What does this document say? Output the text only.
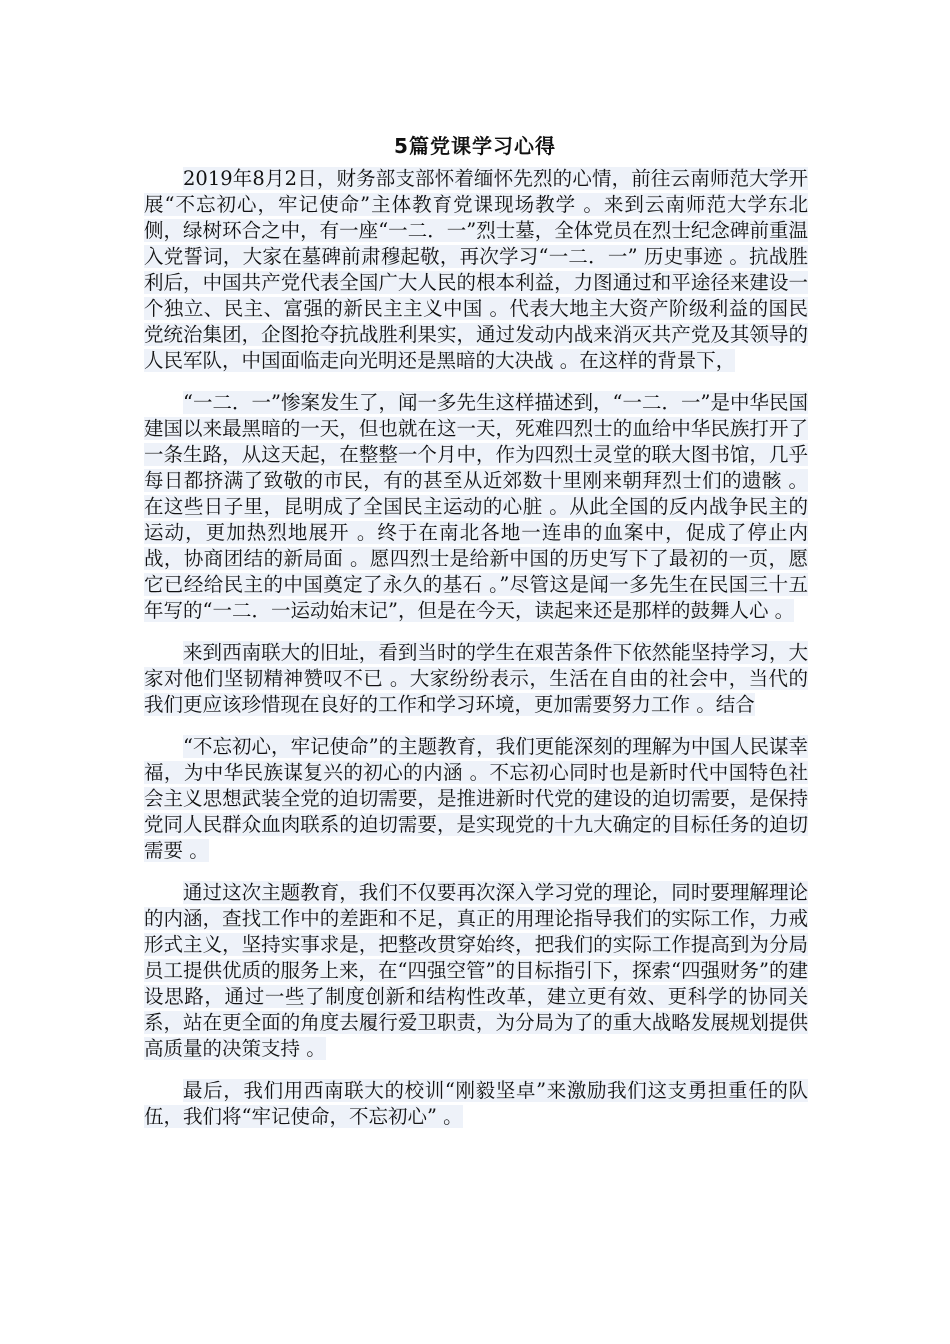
5篇党课学习心得

2019年8月2日，财务部支部怀着缅怀先烈的心情，前往云南师范大学开展“不忘初心，牢记使命”主体教育党课现场教学 。来到云南师范大学东北侧，绿树环合之中，有一座“一二．一”烈士墓，全体党员在烈士纪念碑前重温入党誓词，大家在墓碑前肃穆起敬，再次学习“一二．一” 历史事迹 。抗战胜利后，中国共产党代表全国广大人民的根本利益，力图通过和平途径来建设一个独立、民主、富强的新民主主义中国 。代表大地主大资产阶级利益的国民党统治集团，企图抢夺抗战胜利果实，通过发动内战来消灭共产党及其领导的人民军队，中国面临走向光明还是黑暗的大决战 。在这样的背景下，

“一二．一”惨案发生了，闻一多先生这样描述到，“一二．一”是中华民国建国以来最黑暗的一天，但也就在这一天，死难四烈士的血给中华民族打开了一条生路，从这天起，在整整一个月中，作为四烈士灵堂的联大图书馆，几乎每日都挤满了致敬的市民，有的甚至从近郊数十里刚来朝拜烈士们的遗骸 。在这些日子里，昆明成了全国民主运动的心脏 。从此全国的反内战争民主的运动，更加热烈地展开 。终于在南北各地一连串的血案中，促成了停止内战，协商团结的新局面 。愿四烈士是给新中国的历史写下了最初的一页，愿它已经给民主的中国奠定了永久的基石 。”尽管这是闻一多先生在民国三十五年写的“一二．一运动始末记”，但是在今天，读起来还是那样的鼓舞人心 。

来到西南联大的旧址，看到当时的学生在艰苦条件下依然能坚持学习，大家对他们坚韧精神赞叹不已 。大家纷纷表示，生活在自由的社会中，当代的我们更应该珍惜现在良好的工作和学习环境，更加需要努力工作 。结合

“不忘初心，牢记使命”的主题教育，我们更能深刻的理解为中国人民谋幸福，为中华民族谋复兴的初心的内涵 。不忘初心同时也是新时代中国特色社会主义思想武装全党的迫切需要，是推进新时代党的建设的迫切需要，是保持党同人民群众血肉联系的迫切需要，是实现党的十九大确定的目标任务的迫切需要 。

通过这次主题教育，我们不仅要再次深入学习党的理论，同时要理解理论的内涵，查找工作中的差距和不足，真正的用理论指导我们的实际工作，力戒形式主义，坚持实事求是，把整改贯穿始终，把我们的实际工作提高到为分局员工提供优质的服务上来，在“四强空管”的目标指引下，探索“四强财务”的建设思路，通过一些了制度创新和结构性改革，建立更有效、更科学的协同关系，站在更全面的角度去履行爱卫职责，为分局为了的重大战略发展规划提供高质量的决策支持 。

最后，我们用西南联大的校训“刚毅坚卓”来激励我们这支勇担重任的队伍，我们将“牢记使命，不忘初心” 。
